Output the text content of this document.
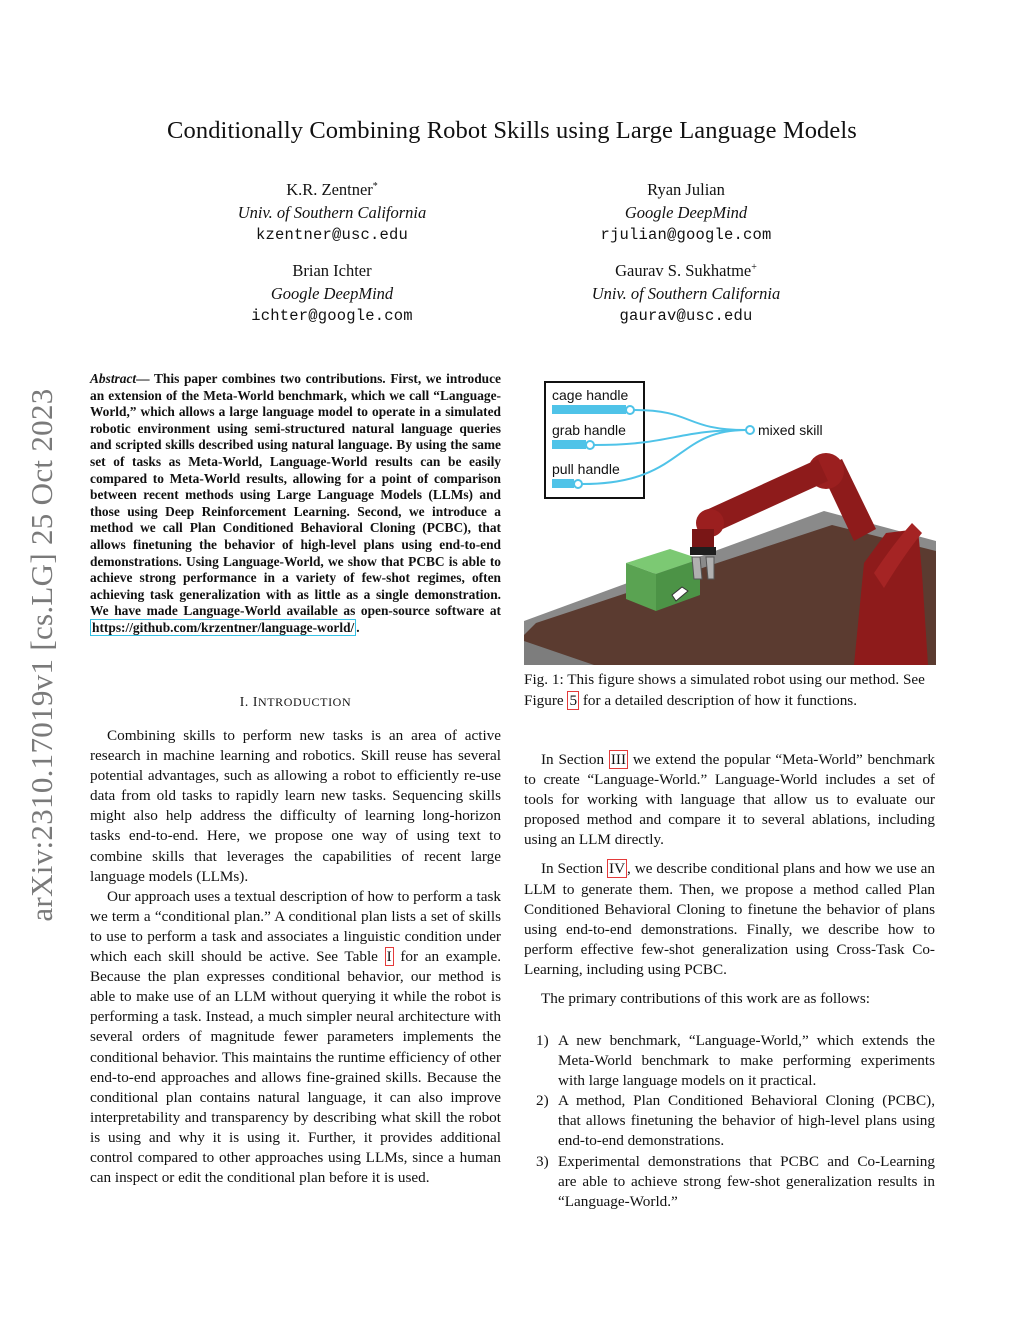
Conditionally Combining Robot Skills using Large Language Models
K.R. Zentner*
Univ. of Southern California
kzentner@usc.edu
Ryan Julian
Google DeepMind
rjulian@google.com
Brian Ichter
Google DeepMind
ichter@google.com
Gaurav S. Sukhatme+
Univ. of Southern California
gaurav@usc.edu
arXiv:2310.17019v1 [cs.LG] 25 Oct 2023
Abstract— This paper combines two contributions. First, we introduce an extension of the Meta-World benchmark, which we call “Language-World,” which allows a large language model to operate in a simulated robotic environment using semi-structured natural language queries and scripted skills described using natural language. By using the same set of tasks as Meta-World, Language-World results can be easily compared to Meta-World results, allowing for a point of comparison between recent methods using Large Language Models (LLMs) and those using Deep Reinforcement Learning. Second, we introduce a method we call Plan Conditioned Behavioral Cloning (PCBC), that allows finetuning the behavior of high-level plans using end-to-end demonstrations. Using Language-World, we show that PCBC is able to achieve strong performance in a variety of few-shot regimes, often achieving task generalization with as little as a single demonstration. We have made Language-World available as open-source software at https://github.com/krzentner/language-world/ .
I. INTRODUCTION

Combining skills to perform new tasks is an area of active research in machine learning and robotics. Skill reuse has several potential advantages, such as allowing a robot to efficiently re-use data from old tasks to rapidly learn new tasks. Sequencing skills might also help address the difficulty of learning long-horizon tasks end-to-end. Here, we propose one way of using text to combine skills that leverages the capabilities of recent large language models (LLMs).

Our approach uses a textual description of how to perform a task we term a “conditional plan.” A conditional plan lists a set of skills to use to perform a task and associates a linguistic condition under which each skill should be active. See Table I for an example. Because the plan expresses conditional behavior, our method is able to make use of an LLM without querying it while the robot is performing a task. Instead, a much simpler neural architecture with several orders of magnitude fewer parameters implements the conditional behavior. This maintains the runtime efficiency of other end-to-end approaches and allows fine-grained skills. Because the conditional plan contains natural language, it can also improve interpretability and transparency by describing what skill the robot is using and why it is using it. Further, it provides additional control compared to other approaches using LLMs, since a human can inspect or edit the conditional plan before it is used.

cage handle
grab handle
pull handle
mixed skill
Fig. 1: This figure shows a simulated robot using our method. See Figure 5 for a detailed description of how it functions.

In Section III we extend the popular “Meta-World” benchmark to create “Language-World.” Language-World includes a set of tools for working with language that allow us to evaluate our proposed method and compare it to several ablations, including using an LLM directly.

In Section IV , we describe conditional plans and how we use an LLM to generate them. Then, we propose a method called Plan Conditioned Behavioral Cloning to finetune the behavior of plans using end-to-end demonstrations. Finally, we describe how to perform effective few-shot generalization using Cross-Task Co-Learning, including using PCBC.

The primary contributions of this work are as follows:

1) A new benchmark, “Language-World,” which extends the Meta-World benchmark to make performing experiments with large language models on it practical.
2) A method, Plan Conditioned Behavioral Cloning (PCBC), that allows finetuning the behavior of high-level plans using end-to-end demonstrations.
3) Experimental demonstrations that PCBC and Co-Learning are able to achieve strong few-shot generalization results in “Language-World.”
